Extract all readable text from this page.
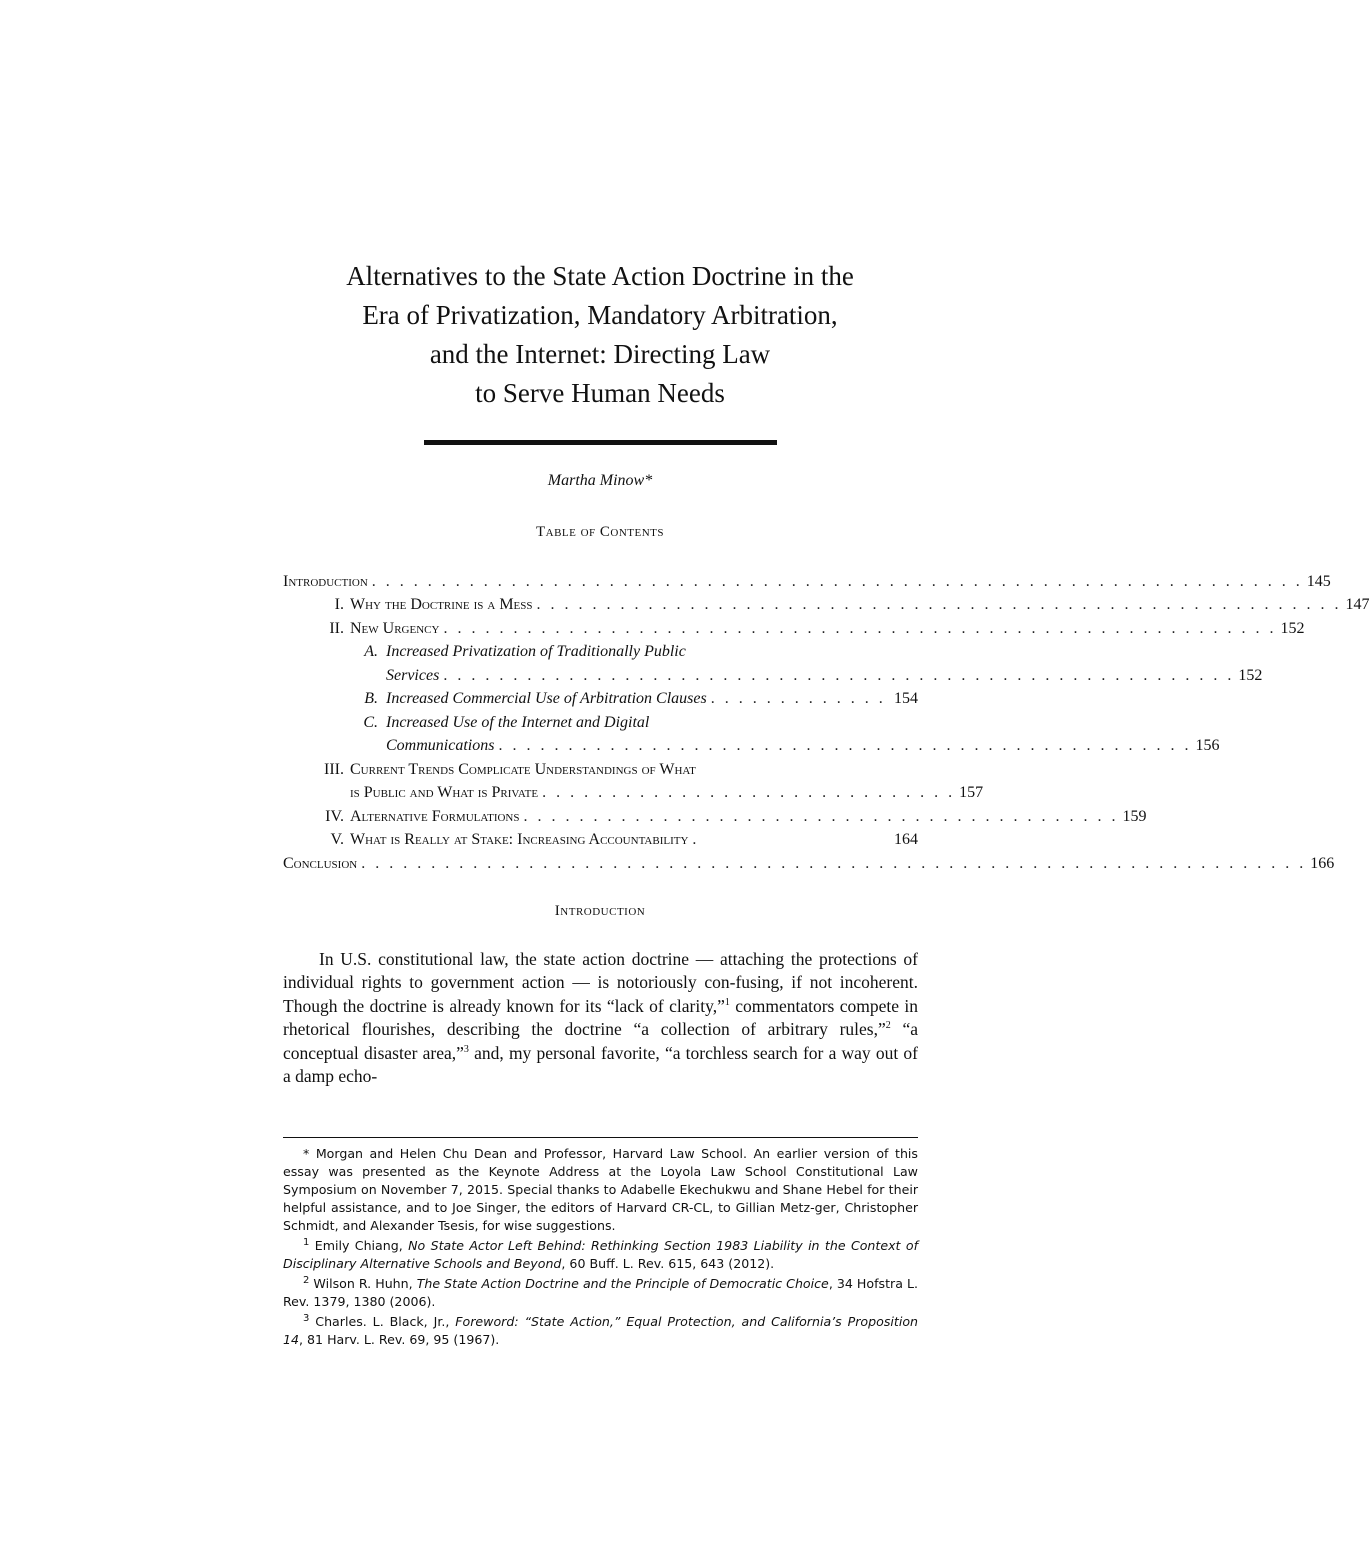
Alternatives to the State Action Doctrine in the
Era of Privatization, Mandatory Arbitration,
and the Internet: Directing Law
to Serve Human Needs
Martha Minow*
Table of Contents
Introduction . . . . . . . . . . . . . . . . . . . . . . . . . . . . . . . . . . . . . . . . . . . . . . . . . . . . . . . . . . . . . . . . . . . 145
I. Why the Doctrine is a Mess . . . . . . . . . . . . . . . . . . . . . . . . . . . . . . . . . . . . . . . . . . . . . . . . . . . . . . . . . . 147
II. New Urgency . . . . . . . . . . . . . . . . . . . . . . . . . . . . . . . . . . . . . . . . . . . . . . . . . . . . . . . . . . . . 152
A. Increased Privatization of Traditionally Public
Services . . . . . . . . . . . . . . . . . . . . . . . . . . . . . . . . . . . . . . . . . . . . . . . . . . . . . . . . . 152
B. Increased Commercial Use of Arbitration Clauses . . . . . . . . . . . . . 154
C. Increased Use of the Internet and Digital
Communications . . . . . . . . . . . . . . . . . . . . . . . . . . . . . . . . . . . . . . . . . . . . . . . . . . 156
III. Current Trends Complicate Understandings of What
is Public and What is Private . . . . . . . . . . . . . . . . . . . . . . . . . . . . . . 157
IV. Alternative Formulations . . . . . . . . . . . . . . . . . . . . . . . . . . . . . . . . . . . . . . . . . . . 159
V. What is Really at Stake: Increasing Accountability .	164
Conclusion . . . . . . . . . . . . . . . . . . . . . . . . . . . . . . . . . . . . . . . . . . . . . . . . . . . . . . . . . . . . . . . . . . . . 166
Introduction

In U.S. constitutional law, the state action doctrine — attaching the protections of individual rights to government action — is notoriously con-fusing, if not incoherent. Though the doctrine is already known for its “lack of clarity,”$^1$ commentators compete in rhetorical flourishes, describing the doctrine “a collection of arbitrary rules,”$^2$ “a conceptual disaster area,”$^3$ and, my personal favorite, “a torchless search for a way out of a damp echo-

* Morgan and Helen Chu Dean and Professor, Harvard Law School. An earlier version of this essay was presented as the Keynote Address at the Loyola Law School Constitutional Law Symposium on November 7, 2015. Special thanks to Adabelle Ekechukwu and Shane Hebel for their helpful assistance, and to Joe Singer, the editors of Harvard CR-CL, to Gillian Metz-ger, Christopher Schmidt, and Alexander Tsesis, for wise suggestions.

$^1$ Emily Chiang, No State Actor Left Behind: Rethinking Section 1983 Liability in the Context of Disciplinary Alternative Schools and Beyond, 60 Buff. L. Rev. 615, 643 (2012).

$^2$ Wilson R. Huhn, The State Action Doctrine and the Principle of Democratic Choice, 34 Hofstra L. Rev. 1379, 1380 (2006).

$^3$ Charles. L. Black, Jr., Foreword: “State Action,” Equal Protection, and California’s Proposition 14, 81 Harv. L. Rev. 69, 95 (1967).
